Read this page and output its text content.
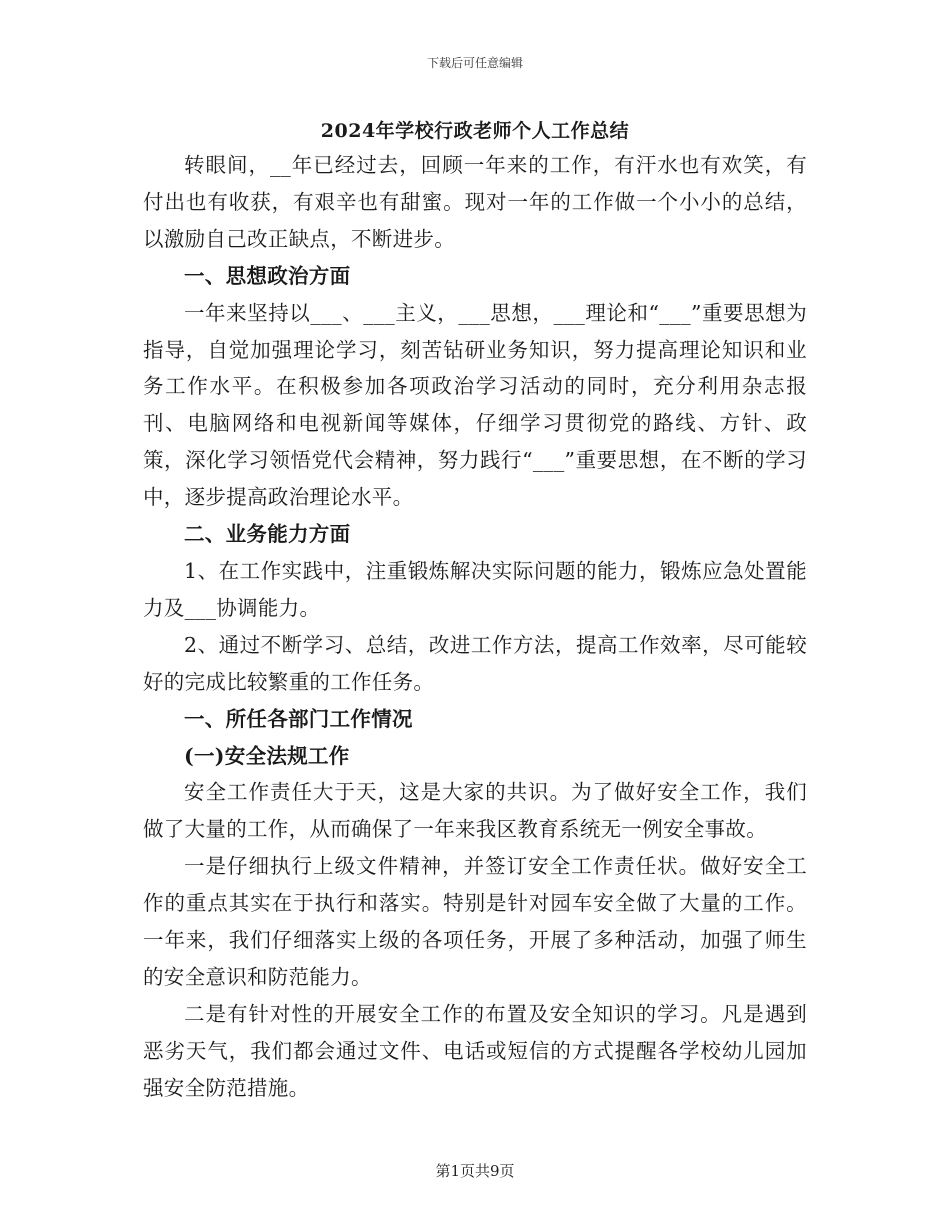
下载后可任意编辑
2024年学校行政老师个人工作总结

转眼间，__年已经过去，回顾一年来的工作，有汗水也有欢笑，有付出也有收获，有艰辛也有甜蜜。现对一年的工作做一个小小的总结，以激励自己改正缺点，不断进步。

一、思想政治方面

一年来坚持以___、___主义，___思想，___理论和“___”重要思想为指导，自觉加强理论学习，刻苦钻研业务知识，努力提高理论知识和业务工作水平。在积极参加各项政治学习活动的同时，充分利用杂志报刊、电脑网络和电视新闻等媒体，仔细学习贯彻党的路线、方针、政策，深化学习领悟党代会精神，努力践行“___”重要思想，在不断的学习中，逐步提高政治理论水平。

二、业务能力方面

1、在工作实践中，注重锻炼解决实际问题的能力，锻炼应急处置能力及___协调能力。

2、通过不断学习、总结，改进工作方法，提高工作效率，尽可能较好的完成比较繁重的工作任务。

一、所任各部门工作情况

(一)安全法规工作

安全工作责任大于天，这是大家的共识。为了做好安全工作，我们做了大量的工作，从而确保了一年来我区教育系统无一例安全事故。

一是仔细执行上级文件精神，并签订安全工作责任状。做好安全工作的重点其实在于执行和落实。特别是针对园车安全做了大量的工作。一年来，我们仔细落实上级的各项任务，开展了多种活动，加强了师生的安全意识和防范能力。

二是有针对性的开展安全工作的布置及安全知识的学习。凡是遇到恶劣天气，我们都会通过文件、电话或短信的方式提醒各学校幼儿园加强安全防范措施。

第1页共9页
